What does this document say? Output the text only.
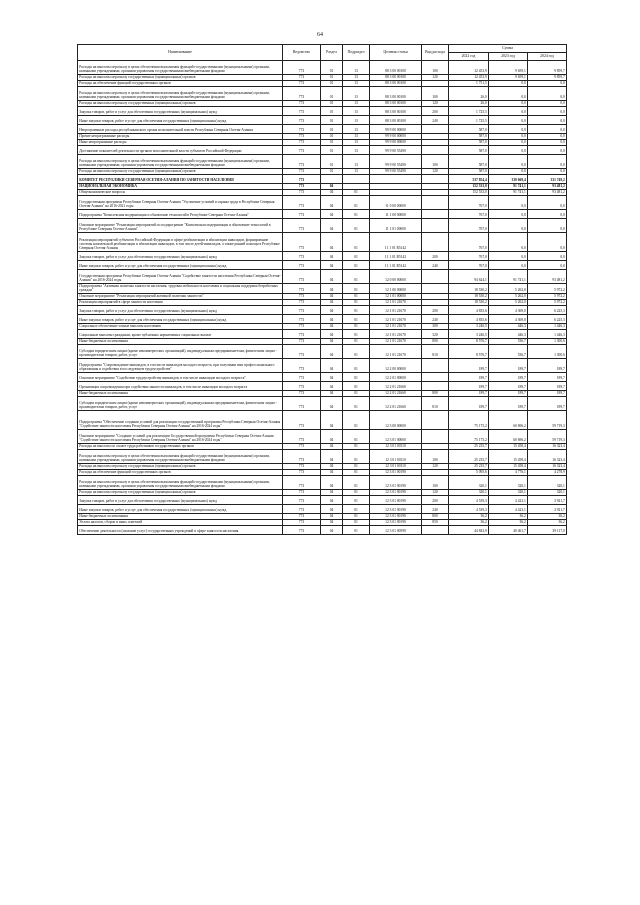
64
Наименование	Ведомство	Раздел	Подраздел	Целевая статья	Вид расхода	Сумма		
						2022 год	2023 год	2024 год
Расходы на выплаты персоналу в целях обеспечения выполнения функций государственными (муниципальными) органами, казенными учреждениями, органами управления государственными внебюджетными фондами	773	01	13	88 3 00 00100	100	12 453,9	9 659,1	9 859,7
Расходы на выплаты персоналу государственных (муниципальных) органов	773	01	13	88 3 00 00100	120	12 453,9	9 659,1	9 859,7
Расходы на обеспечение функций государственных органов	773	01	13	88 3 00 00100		1 751,5	0,0	0,0
Расходы на выплаты персоналу в целях обеспечения выполнения функций государственными (муниципальными) органами, казенными учреждениями, органами управления государственными внебюджетными фондами	773	01	13	88 3 00 00100	100	26,0	0,0	0,0
Расходы на выплаты персоналу государственных (муниципальных) органов	773	01	13	88 3 00 00100	120	26,0	0,0	0,0
Закупка товаров, работ и услуг для обеспечения государственных (муниципальных) нужд	773	01	13	88 3 00 00100	200	1 725,5	0,0	0,0
Иные закупки товаров, работ и услуг для обеспечения государственных (муниципальных) нужд	773	01	13	88 3 00 00100	240	1 725,5	0,0	0,0
Непрограммные расходы республиканского органа исполнительной власти Республики Северная Осетия-Алания	773	01	13	99 9 00 00000		587,0	0,0	0,0
Прочие непрограммные расходы	773	01	13	99 9 00 00000		587,0	0,0	0,0
Иные непрограммные расходы	773	01	13	99 9 00 00000		587,0	0,0	0,0
Достижение показателей деятельности органов исполнительной власти субъектов Российской Федерации	773	01	13	99 9 00 55490		587,0	0,0	0,0
Расходы на выплаты персоналу в целях обеспечения выполнения функций государственными (муниципальными) органами, казенными учреждениями, органами управления государственными внебюджетными фондами	773	01	13	99 9 00 55490	100	587,0	0,0	0,0
Расходы на выплаты персоналу государственных (муниципальных) органов	773	01	13	99 9 00 55490	120	587,0	0,0	0,0
КОМИТЕТ РЕСПУБЛИКИ СЕВЕРНАЯ ОСЕТИЯ-АЛАНИЯ ПО ЗАНЯТОСТИ НАСЕЛЕНИЯ	773					537 854,4	330 669,4	331 749,2
НАЦИОНАЛЬНАЯ ЭКОНОМИКА	773	04				152 533,0	91 741,1	93 481,2
Общеэкономические вопросы	773	04	01			152 533,0	91 741,1	93 481,2
Государственная программа Республики Северная Осетия-Алания "Улучшение условий и охраны труда в Республике Северная Осетия-Алания" на 2016-2021 годы	773	04	01	11 0 00 00000		767,0	0,0	0,0
Подпрограмма "Комплексная модернизация и обновление технологий в Республике Северная Осетия-Алания"	773	04	01	11 1 00 00000		767,0	0,0	0,0
Основное мероприятие "Реализация мероприятий по подпрограмме "Комплексная модернизация и обновление технологий в Республике Северная Осетия-Алания"	773	04	01	11 1 01 00000		767,0	0,0	0,0
Реализация мероприятий субъектов Российской Федерации в сфере реабилитации и абилитации инвалидов, формирование системы комплексной реабилитации и абилитации инвалидов, в том числе детей-инвалидов, а также ранней помощи в Республике Северная Осетия-Алания	773	04	01	11 1 01 R5142		767,0	0,0	0,0
Закупка товаров, работ и услуг для обеспечения государственных (муниципальных) нужд	773	04	01	11 1 01 R5142	200	767,0	0,0	0,0
Иные закупки товаров, работ и услуг для обеспечения государственных (муниципальных) нужд	773	04	01	11 1 01 R5142	240	767,0	0,0	0,0
Государственная программа Республики Северная Осетия-Алания "Содействие занятости населения Республики Северная Осетия-Алания" на 2016-2024 годы	773	04	01	12 0 00 00000		94 624,1	91 741,1	93 481,2
Подпрограмма "Активная политика занятости населения, трудовая мобильность населения и социальная поддержка безработных граждан"	773	04	01	12 1 00 00000		18 530,2	5 262,0	5 972,2
Основное мероприятие "Реализация мероприятий активной политики занятости"	773	04	01	12 1 01 00000		18 530,2	5 262,0	5 972,2
Реализация мероприятий в сфере занятости населения	773	04	01	12 1 01 21670		18 530,2	5 262,0	5 972,2
Закупка товаров, работ и услуг для обеспечения государственных (муниципальных) нужд	773	04	01	12 1 01 21670	200	4 835,6	4 369,0	6 225,3
Иные закупки товаров, работ и услуг для обеспечения государственных (муниципальных) нужд	773	04	01	12 1 01 21670	240	4 835,6	4 369,0	6 225,3
Социальное обеспечение и иные выплаты населению	773	04	01	12 1 01 21670	300	3 246,5	446,3	1 446,3
Социальные выплаты гражданам, кроме публичных нормативных социальных выплат	773	04	01	12 1 01 21670	320	3 246,5	446,3	1 446,3
Иные бюджетные ассигнования	773	04	01	12 1 01 21670	800	8 576,7	536,7	1 300,6
Субсидии юридическим лицам (кроме некоммерческих организаций), индивидуальным предпринимателям, физическим лицам - производителям товаров, работ, услуг	773	04	01	12 1 01 21670	810	8 576,7	536,7	1 300,6
Подпрограмма "Сопровождение инвалидов, в том числе инвалидов молодого возраста, при получении ими профессионального образования и содействия в последующем трудоустройстве"	773	04	01	12 2 00 00000		189,7	189,7	189,7
Основное мероприятие "Содействие трудоустройству инвалидов, в том числе инвалидов молодого возраста"	773	04	01	12 2 01 00000		189,7	189,7	189,7
Организация сопровождения при содействии занятости инвалидов, в том числе инвалидов молодого возраста	773	04	01	12 2 01 21660		189,7	189,7	189,7
Иные бюджетные ассигнования	773	04	01	12 2 01 21660	800	189,7	189,7	189,7
Субсидии юридическим лицам (кроме некоммерческих организаций), индивидуальным предпринимателям, физическим лицам - производителям товаров, работ, услуг	773	04	01	12 2 01 21660	810	189,7	189,7	189,7
Подпрограмма "Обеспечение создания условий для реализации государственной программы Республики Северная Осетия-Алания "Содействие занятости населения Республики Северная Осетия-Алания" на 2016-2024 годы"	773	04	01	12 3 00 00000		75 175,2	60 696,2	59 719,3
Основное мероприятие "Создание условий для реализации Государственной программы Республики Северная Осетия-Алания "Содействие занятости населения Республики Северная Осетия-Алания" на 2016-2024 годы"	773	04	01	12 3 01 00000		75 175,2	60 696,2	59 719,3
Расходы на выплаты по оплате труда работников государственных органов	773	04	01	12 3 01 00110		25 235,7	15 458,4	16 323,4
Расходы на выплаты персоналу в целях обеспечения выполнения функций государственными (муниципальными) органами, казенными учреждениями, органами управления государственными внебюджетными фондами	773	04	01	12 3 01 00110	100	25 235,7	15 458,4	16 323,4
Расходы на выплаты персоналу государственных (муниципальных) органов	773	04	01	12 3 01 00110	120	25 235,7	15 458,4	16 323,4
Расходы на обеспечение функций государственных органов	773	04	01	12 3 01 00190		5 095,6	4 776,1	4 278,9
Расходы на выплаты персоналу в целях обеспечения выполнения функций государственными (муниципальными) органами, казенными учреждениями, органами управления государственными внебюджетными фондами	773	04	01	12 3 01 00190	100	320,1	320,1	320,1
Расходы на выплаты персоналу государственных (муниципальных) органов	773	04	01	12 3 01 00190	120	320,1	320,1	320,1
Закупка товаров, работ и услуг для обеспечения государственных (муниципальных) нужд	773	04	01	12 3 01 00190	200	4 539,3	4 423,1	3 921,7
Иные закупки товаров, работ и услуг для обеспечения государственных (муниципальных) нужд	773	04	01	12 3 01 00190	240	4 539,3	4 423,1	3 921,7
Иные бюджетные ассигнования	773	04	01	12 3 01 00190	800	36,2	36,2	36,2
Уплата налогов, сборов и иных платежей	773	04	01	12 3 01 00190	850	36,2	36,2	36,2
Обеспечение деятельности (оказание услуг) государственных учреждений в сфере занятости населения	773	04	01	12 3 01 00590		44 843,9	40 461,7	39 117,0
